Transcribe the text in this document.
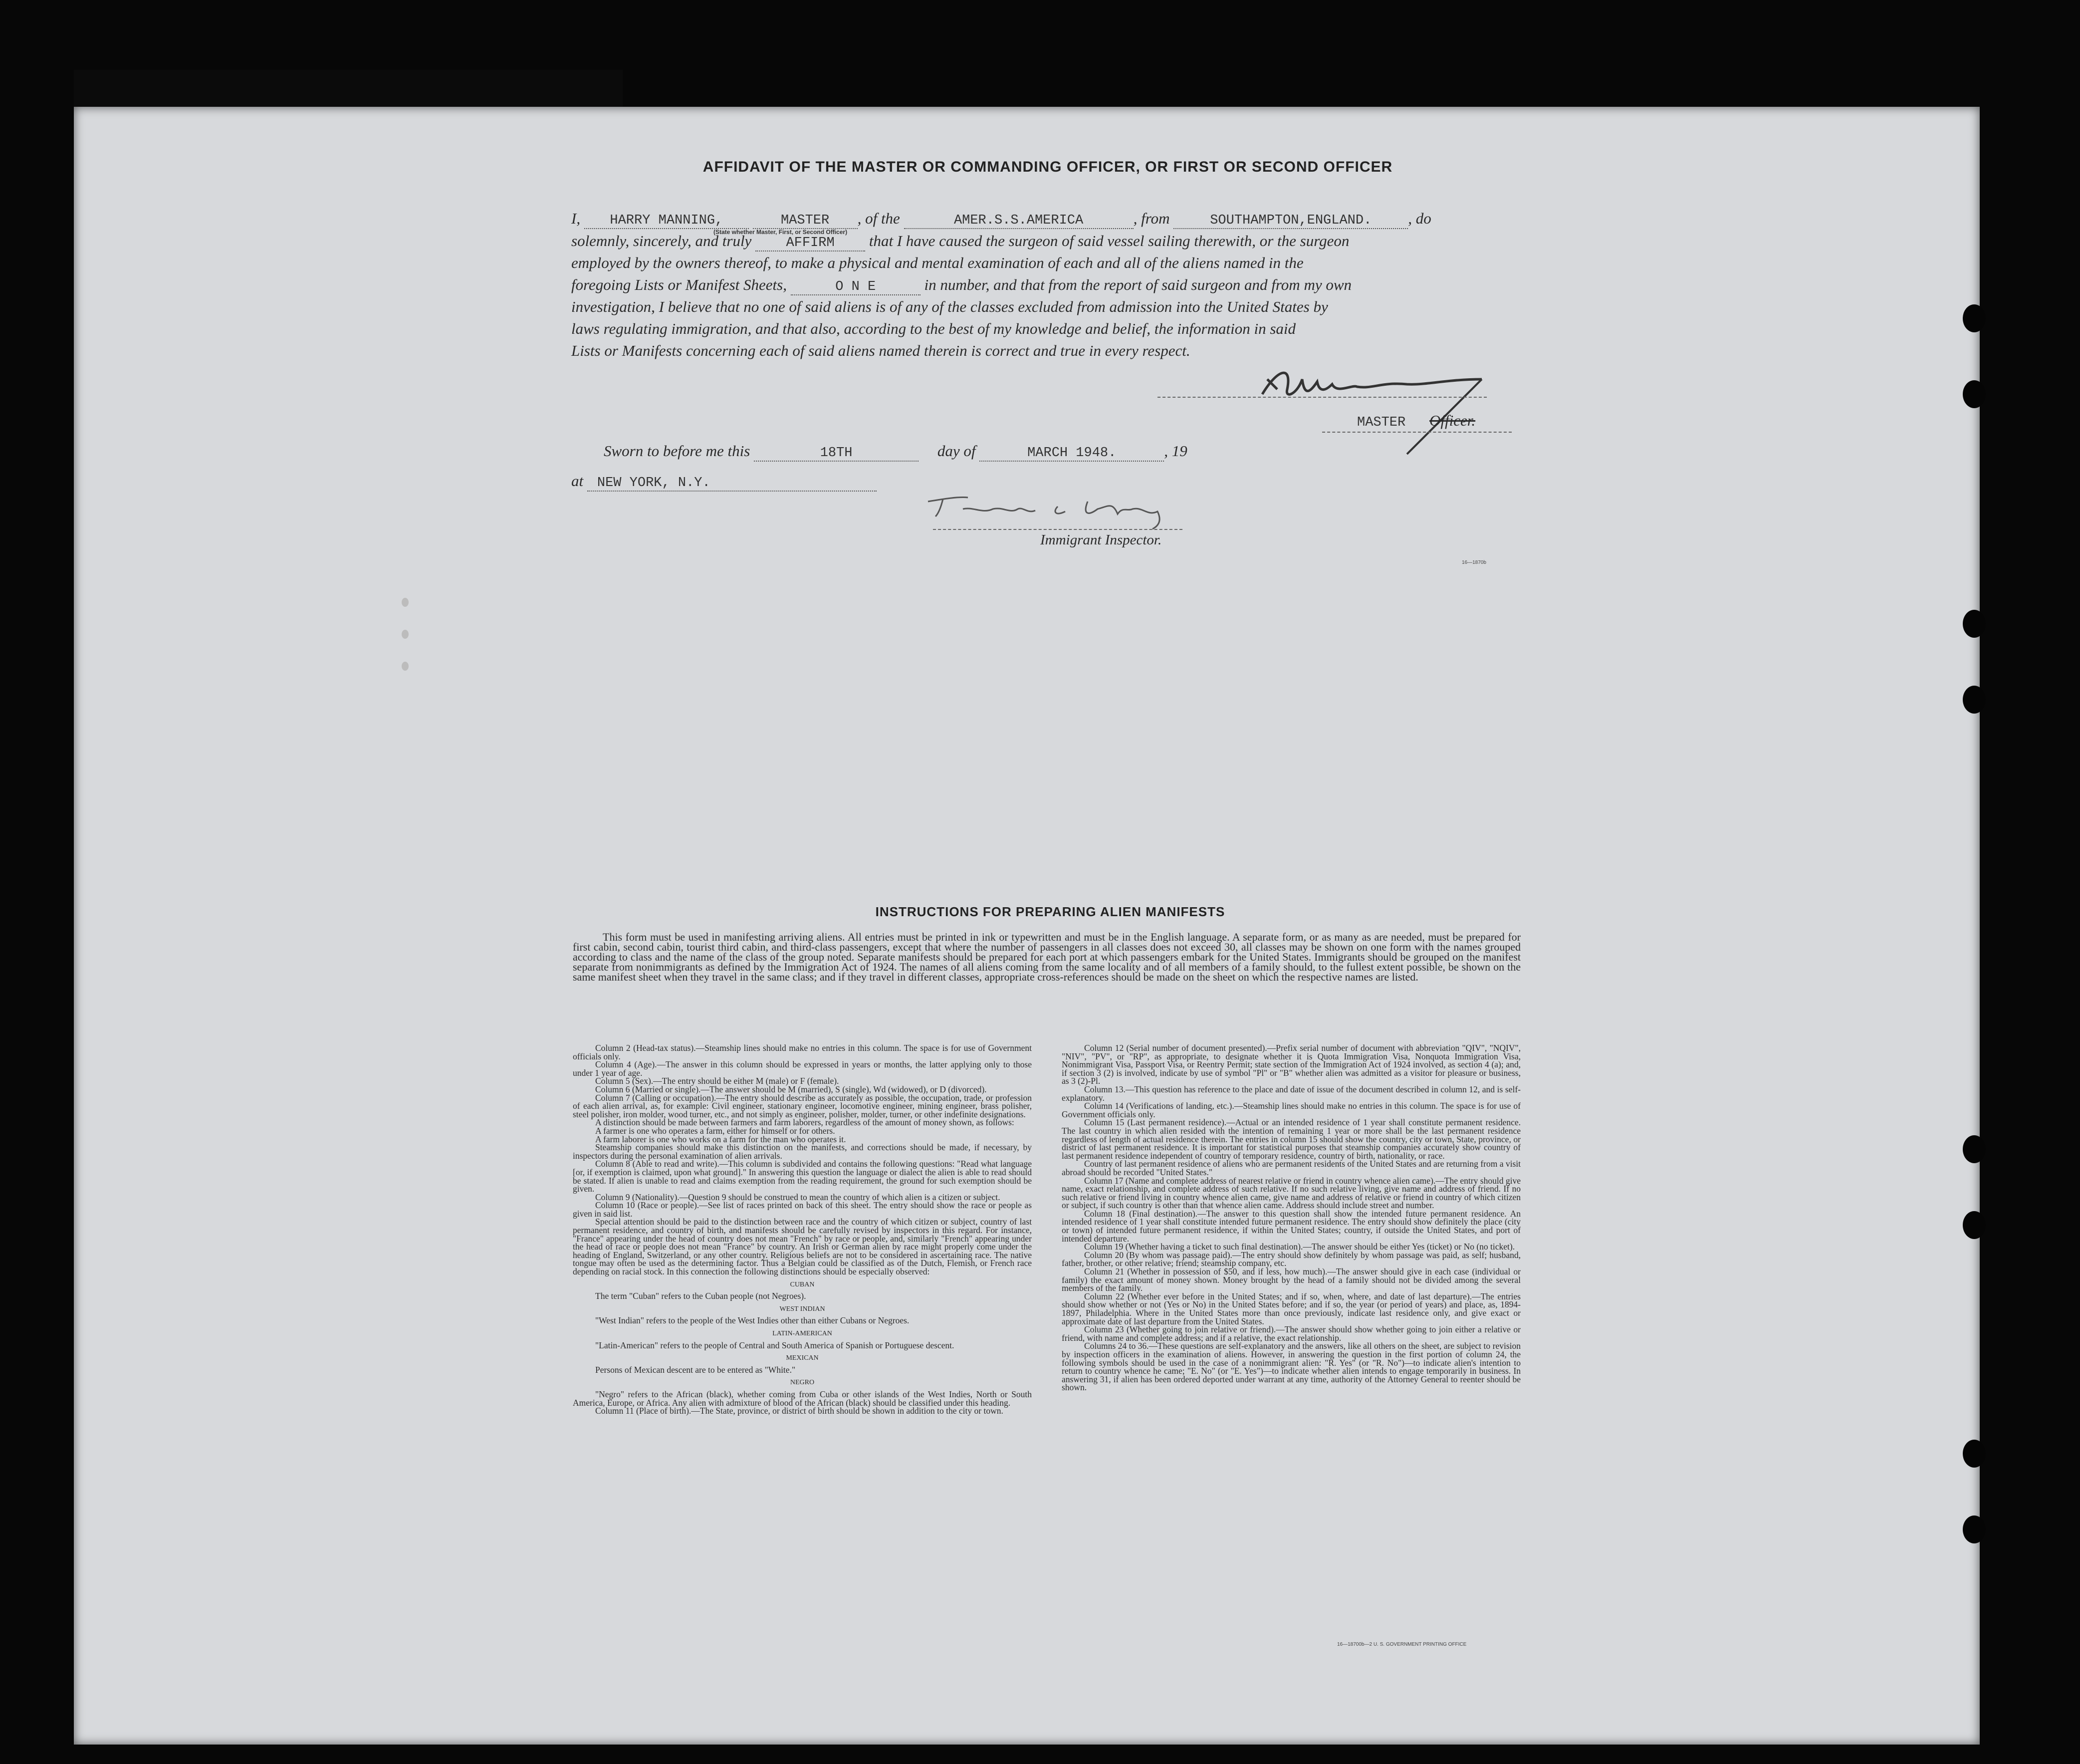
AFFIDAVIT OF THE MASTER OR COMMANDING OFFICER, OR FIRST OR SECOND OFFICER
I, HARRY MANNING,	MASTER , of the	AMER.S.S.AMERICA	, from	SOUTHAMPTON,ENGLAND. , do
(State whether Master, First, or Second Officer)
solemnly, sincerely, and truly	AFFIRM that I have caused the surgeon of said vessel sailing therewith, or the surgeon
employed by the owners thereof, to make a physical and mental examination of each and all of the aliens named in the
foregoing Lists or Manifest Sheets,	O N E	in number, and that from the report of said surgeon and from my own
investigation, I believe that no one of said aliens is of any of the classes excluded from admission into the United States by
laws regulating immigration, and that also, according to the best of my knowledge and belief, the information in said
Lists or Manifests concerning each of said aliens named therein is correct and true in every respect.
MASTER Officer.
Sworn to before me this	18TH	day of	MARCH 1948.	, 19
at NEW YORK, N.Y.
Immigrant Inspector.
16—1870b
INSTRUCTIONS FOR PREPARING ALIEN MANIFESTS
This form must be used in manifesting arriving aliens. All entries must be printed in ink or typewritten and must be in the English language. A separate form, or as many as are needed, must be prepared for first cabin, second cabin, tourist third cabin, and third-class passengers, except that where the number of passengers in all classes does not exceed 30, all classes may be shown on one form with the names grouped according to class and the name of the class of the group noted. Separate manifests should be prepared for each port at which passengers embark for the United States. Immigrants should be grouped on the manifest separate from nonimmigrants as defined by the Immigration Act of 1924. The names of all aliens coming from the same locality and of all members of a family should, to the fullest extent possible, be shown on the same manifest sheet when they travel in the same class; and if they travel in different classes, appropriate cross-references should be made on the sheet on which the respective names are listed.

Column 2 (Head-tax status).—Steamship lines should make no entries in this column. The space is for use of Government officials only.

Column 4 (Age).—The answer in this column should be expressed in years or months, the latter applying only to those under 1 year of age.

Column 5 (Sex).—The entry should be either M (male) or F (female).

Column 6 (Married or single).—The answer should be M (married), S (single), Wd (widowed), or D (divorced).

Column 7 (Calling or occupation).—The entry should describe as accurately as possible, the occupation, trade, or profession of each alien arrival, as, for example: Civil engineer, stationary engineer, locomotive engineer, mining engineer, brass polisher, steel polisher, iron molder, wood turner, etc., and not simply as engineer, polisher, molder, turner, or other indefinite designations.

A distinction should be made between farmers and farm laborers, regardless of the amount of money shown, as follows:

A farmer is one who operates a farm, either for himself or for others.

A farm laborer is one who works on a farm for the man who operates it.

Steamship companies should make this distinction on the manifests, and corrections should be made, if necessary, by inspectors during the personal examination of alien arrivals.

Column 8 (Able to read and write).—This column is subdivided and contains the following questions: "Read what language [or, if exemption is claimed, upon what ground]." In answering this question the language or dialect the alien is able to read should be stated. If alien is unable to read and claims exemption from the reading requirement, the ground for such exemption should be given.

Column 9 (Nationality).—Question 9 should be construed to mean the country of which alien is a citizen or subject.

Column 10 (Race or people).—See list of races printed on back of this sheet. The entry should show the race or people as given in said list.

Special attention should be paid to the distinction between race and the country of which citizen or subject, country of last permanent residence, and country of birth, and manifests should be carefully revised by inspectors in this regard. For instance, "France" appearing under the head of country does not mean "French" by race or people, and, similarly "French" appearing under the head of race or people does not mean "France" by country. An Irish or German alien by race might properly come under the heading of England, Switzerland, or any other country. Religious beliefs are not to be considered in ascertaining race. The native tongue may often be used as the determining factor. Thus a Belgian could be classified as of the Dutch, Flemish, or French race depending on racial stock. In this connection the following distinctions should be especially observed:

CUBAN

The term "Cuban" refers to the Cuban people (not Negroes).

WEST INDIAN

"West Indian" refers to the people of the West Indies other than either Cubans or Negroes.

LATIN-AMERICAN

"Latin-American" refers to the people of Central and South America of Spanish or Portuguese descent.

MEXICAN

Persons of Mexican descent are to be entered as "White."

NEGRO

"Negro" refers to the African (black), whether coming from Cuba or other islands of the West Indies, North or South America, Europe, or Africa. Any alien with admixture of blood of the African (black) should be classified under this heading.

Column 11 (Place of birth).—The State, province, or district of birth should be shown in addition to the city or town.

Column 12 (Serial number of document presented).—Prefix serial number of document with abbreviation "QIV", "NQIV", "NIV", "PV", or "RP", as appropriate, to designate whether it is Quota Immigration Visa, Nonquota Immigration Visa, Nonimmigrant Visa, Passport Visa, or Reentry Permit; state section of the Immigration Act of 1924 involved, as section 4 (a); and, if section 3 (2) is involved, indicate by use of symbol "Pl" or "B" whether alien was admitted as a visitor for pleasure or business, as 3 (2)-Pl.

Column 13.—This question has reference to the place and date of issue of the document described in column 12, and is self-explanatory.

Column 14 (Verifications of landing, etc.).—Steamship lines should make no entries in this column. The space is for use of Government officials only.

Column 15 (Last permanent residence).—Actual or an intended residence of 1 year shall constitute permanent residence. The last country in which alien resided with the intention of remaining 1 year or more shall be the last permanent residence regardless of length of actual residence therein. The entries in column 15 should show the country, city or town, State, province, or district of last permanent residence. It is important for statistical purposes that steamship companies accurately show country of last permanent residence independent of country of temporary residence, country of birth, nationality, or race.

Country of last permanent residence of aliens who are permanent residents of the United States and are returning from a visit abroad should be recorded "United States."

Column 17 (Name and complete address of nearest relative or friend in country whence alien came).—The entry should give name, exact relationship, and complete address of such relative. If no such relative living, give name and address of friend. If no such relative or friend living in country whence alien came, give name and address of relative or friend in country of which citizen or subject, if such country is other than that whence alien came. Address should include street and number.

Column 18 (Final destination).—The answer to this question shall show the intended future permanent residence. An intended residence of 1 year shall constitute intended future permanent residence. The entry should show definitely the place (city or town) of intended future permanent residence, if within the United States; country, if outside the United States, and port of intended departure.

Column 19 (Whether having a ticket to such final destination).—The answer should be either Yes (ticket) or No (no ticket).

Column 20 (By whom was passage paid).—The entry should show definitely by whom passage was paid, as self; husband, father, brother, or other relative; friend; steamship company, etc.

Column 21 (Whether in possession of $50, and if less, how much).—The answer should give in each case (individual or family) the exact amount of money shown. Money brought by the head of a family should not be divided among the several members of the family.

Column 22 (Whether ever before in the United States; and if so, when, where, and date of last departure).—The entries should show whether or not (Yes or No) in the United States before; and if so, the year (or period of years) and place, as, 1894-1897, Philadelphia. Where in the United States more than once previously, indicate last residence only, and give exact or approximate date of last departure from the United States.

Column 23 (Whether going to join relative or friend).—The answer should show whether going to join either a relative or friend, with name and complete address; and if a relative, the exact relationship.

Columns 24 to 36.—These questions are self-explanatory and the answers, like all others on the sheet, are subject to revision by inspection officers in the examination of aliens. However, in answering the question in the first portion of column 24, the following symbols should be used in the case of a nonimmigrant alien: "R. Yes" (or "R. No")—to indicate alien's intention to return to country whence he came; "E. No" (or "E. Yes")—to indicate whether alien intends to engage temporarily in business. In answering 31, if alien has been ordered deported under warrant at any time, authority of the Attorney General to reenter should be shown.

16—18700b—2 U. S. GOVERNMENT PRINTING OFFICE
